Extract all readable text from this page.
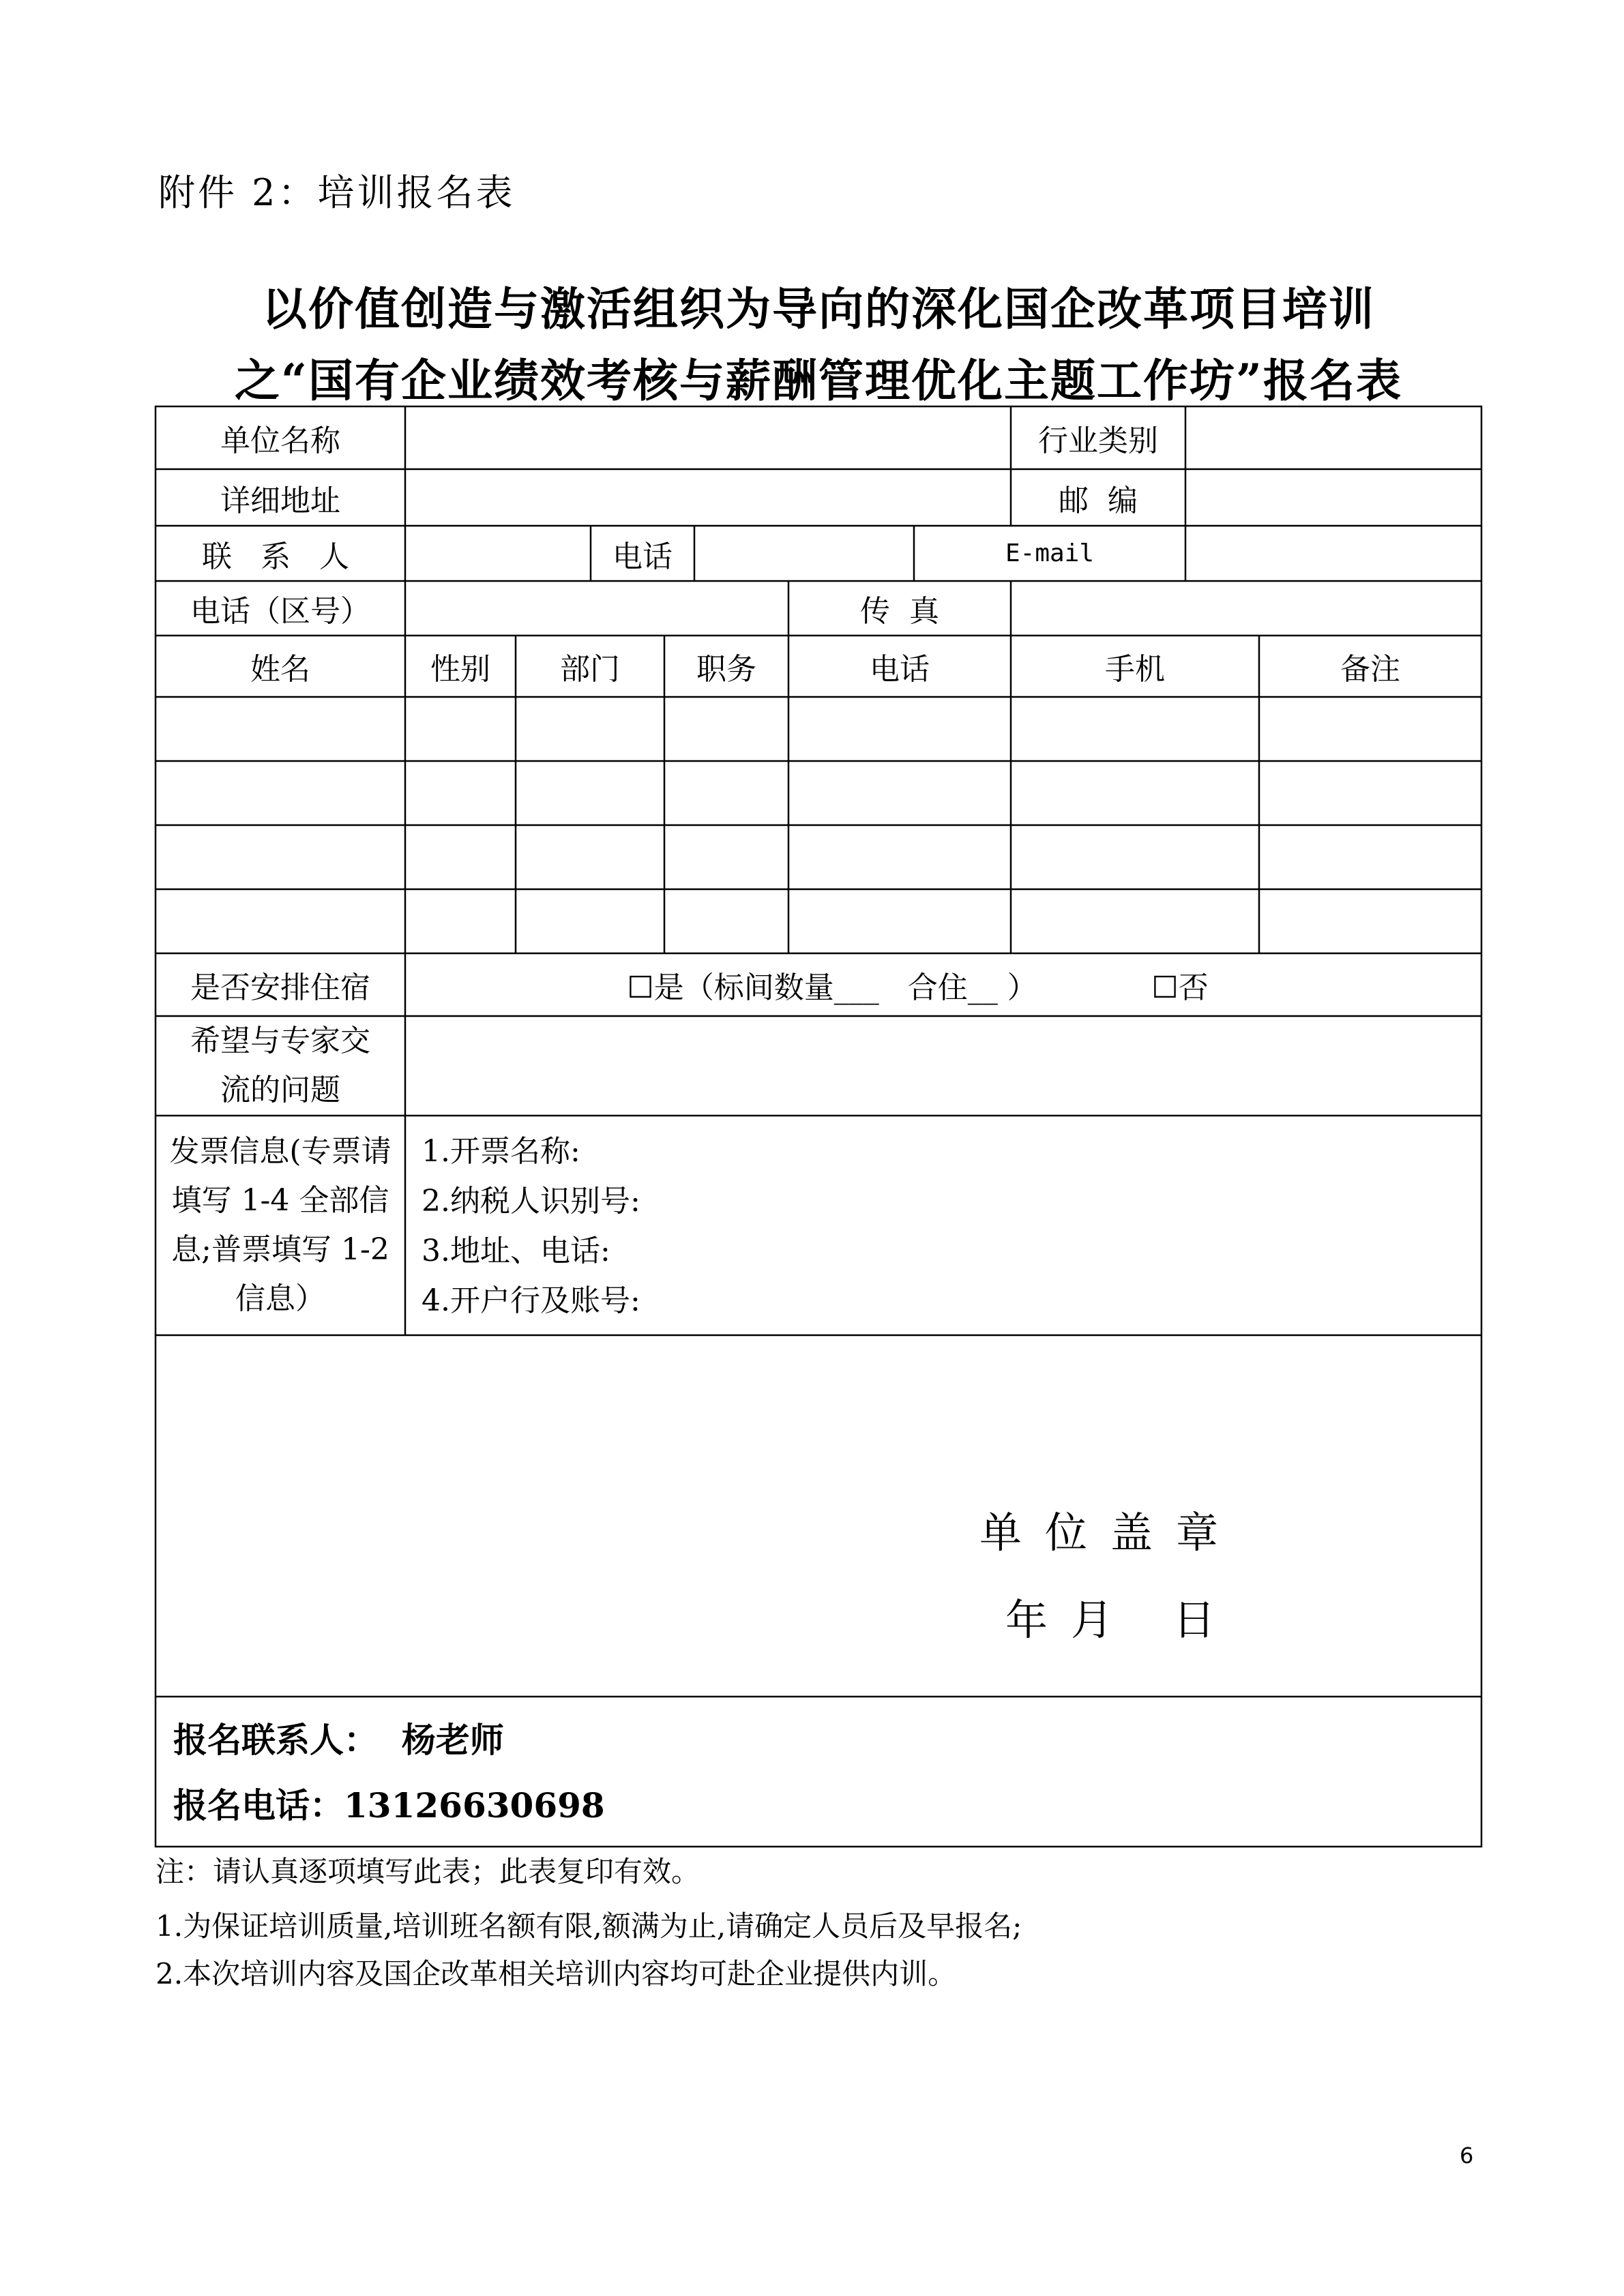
附件 2：培训报名表
以价值创造与激活组织为导向的深化国企改革项目培训
之“国有企业绩效考核与薪酬管理优化主题工作坊”报名表
单位名称	行业类别
详细地址	邮  编
联 系 人	电话	E-mail
电话（区号）	传  真
姓名	性别	部门	职务	电话	手机	备注
是否安排住宿	☐是（标间数量___   合住__ ）	☐否
希望与专家交流的问题
发票信息(专票请填写 1-4 全部信息;普票填写 1-2 信息）
1.开票名称:
2.纳税人识别号:
3.地址、电话:
4.开户行及账号:
单位盖章
年月 日
报名联系人：  杨老师
报名电话：13126630698
注：请认真逐项填写此表；此表复印有效。
1.为保证培训质量,培训班名额有限,额满为止,请确定人员后及早报名;
2.本次培训内容及国企改革相关培训内容均可赴企业提供内训。
6
